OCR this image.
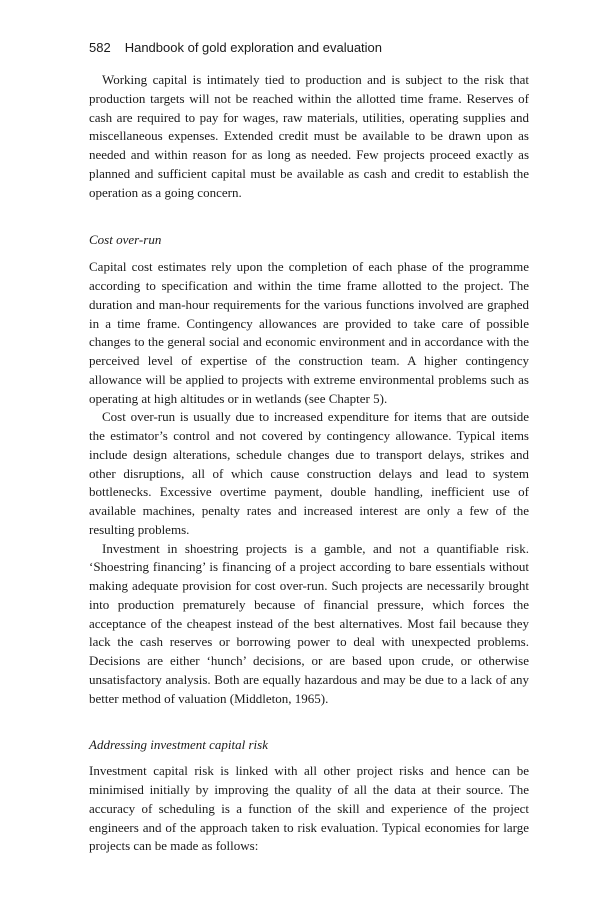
582 Handbook of gold exploration and evaluation

Working capital is intimately tied to production and is subject to the risk that production targets will not be reached within the allotted time frame. Reserves of cash are required to pay for wages, raw materials, utilities, operating supplies and miscellaneous expenses. Extended credit must be available to be drawn upon as needed and within reason for as long as needed. Few projects proceed exactly as planned and sufficient capital must be available as cash and credit to establish the operation as a going concern.

Cost over-run

Capital cost estimates rely upon the completion of each phase of the programme according to specification and within the time frame allotted to the project. The duration and man-hour requirements for the various functions involved are graphed in a time frame. Contingency allowances are provided to take care of possible changes to the general social and economic environment and in accordance with the perceived level of expertise of the construction team. A higher contingency allowance will be applied to projects with extreme environmental problems such as operating at high altitudes or in wetlands (see Chapter 5).

Cost over-run is usually due to increased expenditure for items that are outside the estimator’s control and not covered by contingency allowance. Typical items include design alterations, schedule changes due to transport delays, strikes and other disruptions, all of which cause construction delays and lead to system bottlenecks. Excessive overtime payment, double handling, inefficient use of available machines, penalty rates and increased interest are only a few of the resulting problems.

Investment in shoestring projects is a gamble, and not a quantifiable risk. ‘Shoestring financing’ is financing of a project according to bare essentials without making adequate provision for cost over-run. Such projects are necessarily brought into production prematurely because of financial pressure, which forces the acceptance of the cheapest instead of the best alternatives. Most fail because they lack the cash reserves or borrowing power to deal with unexpected problems. Decisions are either ‘hunch’ decisions, or are based upon crude, or otherwise unsatisfactory analysis. Both are equally hazardous and may be due to a lack of any better method of valuation (Middleton, 1965).

Addressing investment capital risk

Investment capital risk is linked with all other project risks and hence can be minimised initially by improving the quality of all the data at their source. The accuracy of scheduling is a function of the skill and experience of the project engineers and of the approach taken to risk evaluation. Typical economies for large projects can be made as follows:
